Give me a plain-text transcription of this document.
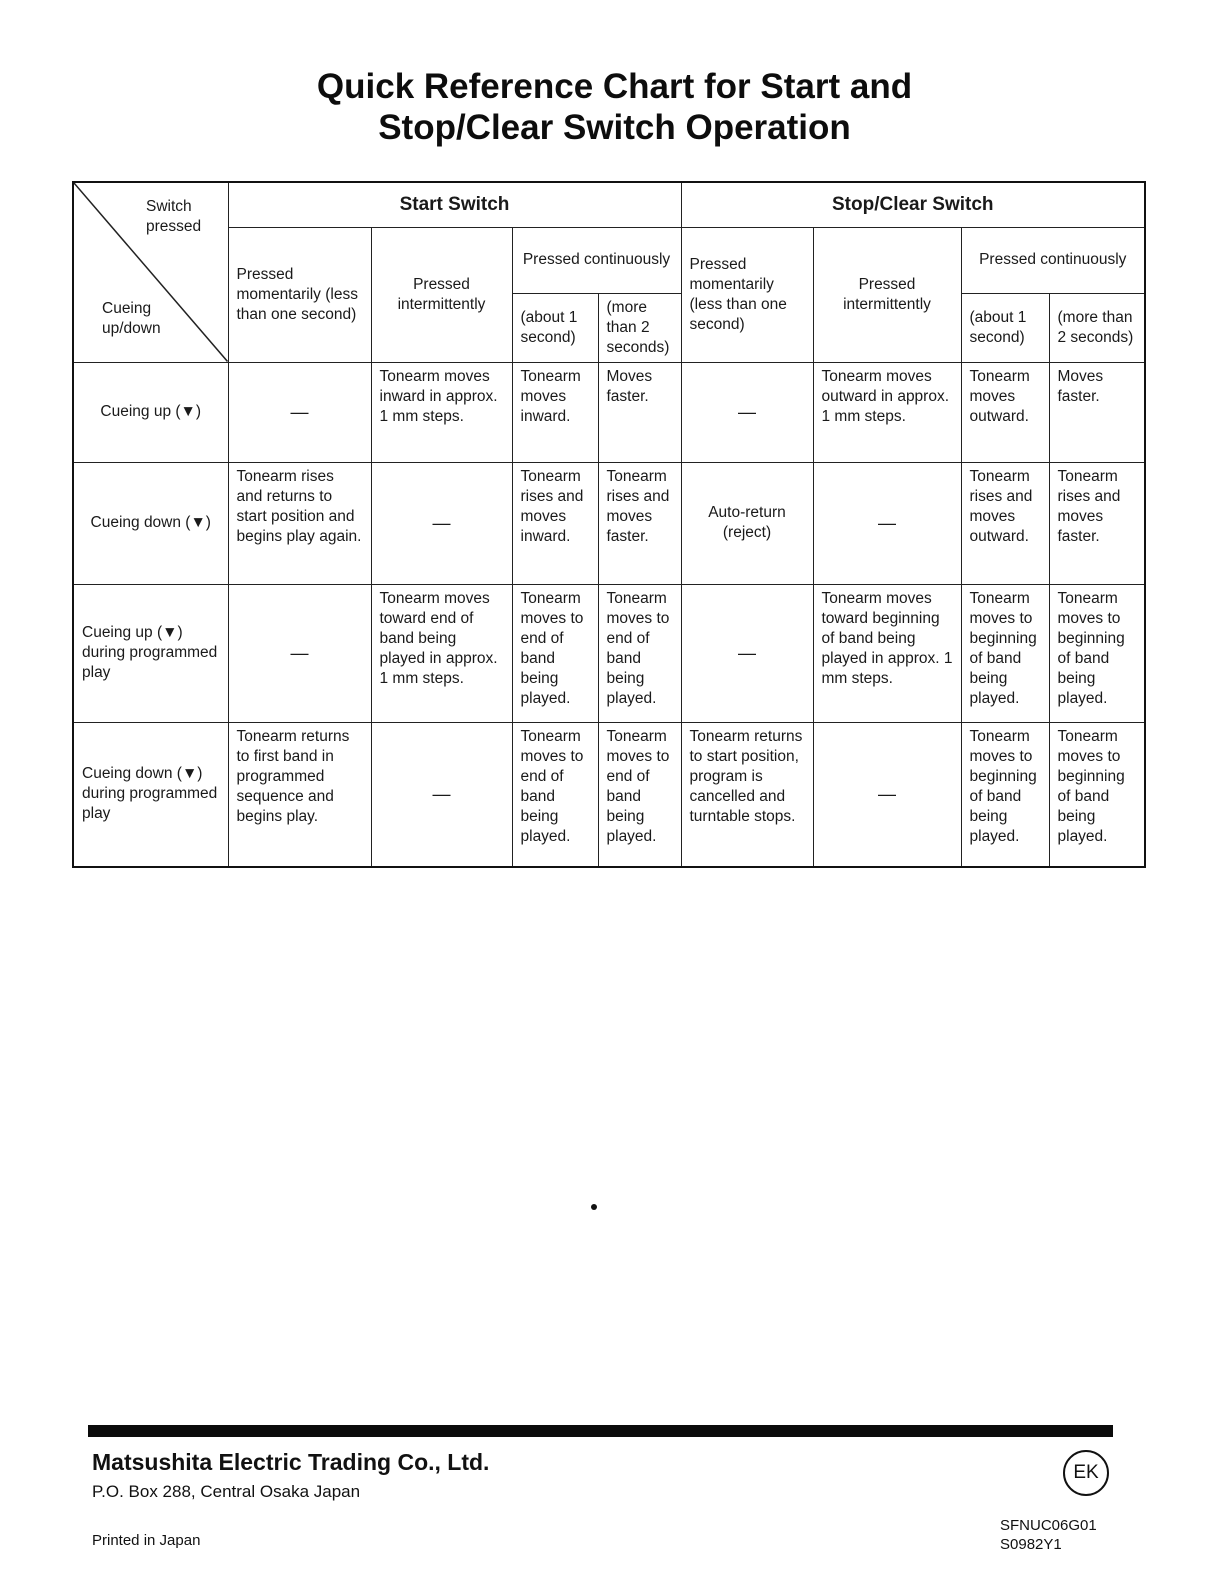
Quick Reference Chart for Start and
Stop/Clear Switch Operation
Switch pressed
Cueing up/down	Start Switch				Stop/Clear Switch			
	Pressed momentarily (less than one second)	Pressed intermittently	Pressed continuously		Pressed momentarily (less than one second)	Pressed intermittently	Pressed continuously	
			(about 1 second)	(more than 2 seconds)			(about 1 second)	(more than 2 seconds)
Cueing up (▼)	—	Tonearm moves inward in approx. 1 mm steps.	Tonearm moves inward.	Moves faster.	—	Tonearm moves outward in approx. 1 mm steps.	Tonearm moves outward.	Moves faster.
Cueing down (▼)	Tonearm rises and returns to start position and begins play again.	—	Tonearm rises and moves inward.	Tonearm rises and moves faster.	Auto-return (reject)	—	Tonearm rises and moves outward.	Tonearm rises and moves faster.
Cueing up (▼) during programmed play	—	Tonearm moves toward end of band being played in approx. 1 mm steps.	Tonearm moves to end of band being played.	Tonearm moves to end of band being played.	—	Tonearm moves toward beginning of band being played in approx. 1 mm steps.	Tonearm moves to beginning of band being played.	Tonearm moves to beginning of band being played.
Cueing down (▼) during programmed play	Tonearm returns to first band in programmed sequence and begins play.	—	Tonearm moves to end of band being played.	Tonearm moves to end of band being played.	Tonearm returns to start position, program is cancelled and turntable stops.	—	Tonearm moves to beginning of band being played.	Tonearm moves to beginning of band being played.
Matsushita Electric Trading Co., Ltd.
P.O. Box 288, Central Osaka Japan
Printed in Japan
EK
SFNUC06G01
S0982Y1
